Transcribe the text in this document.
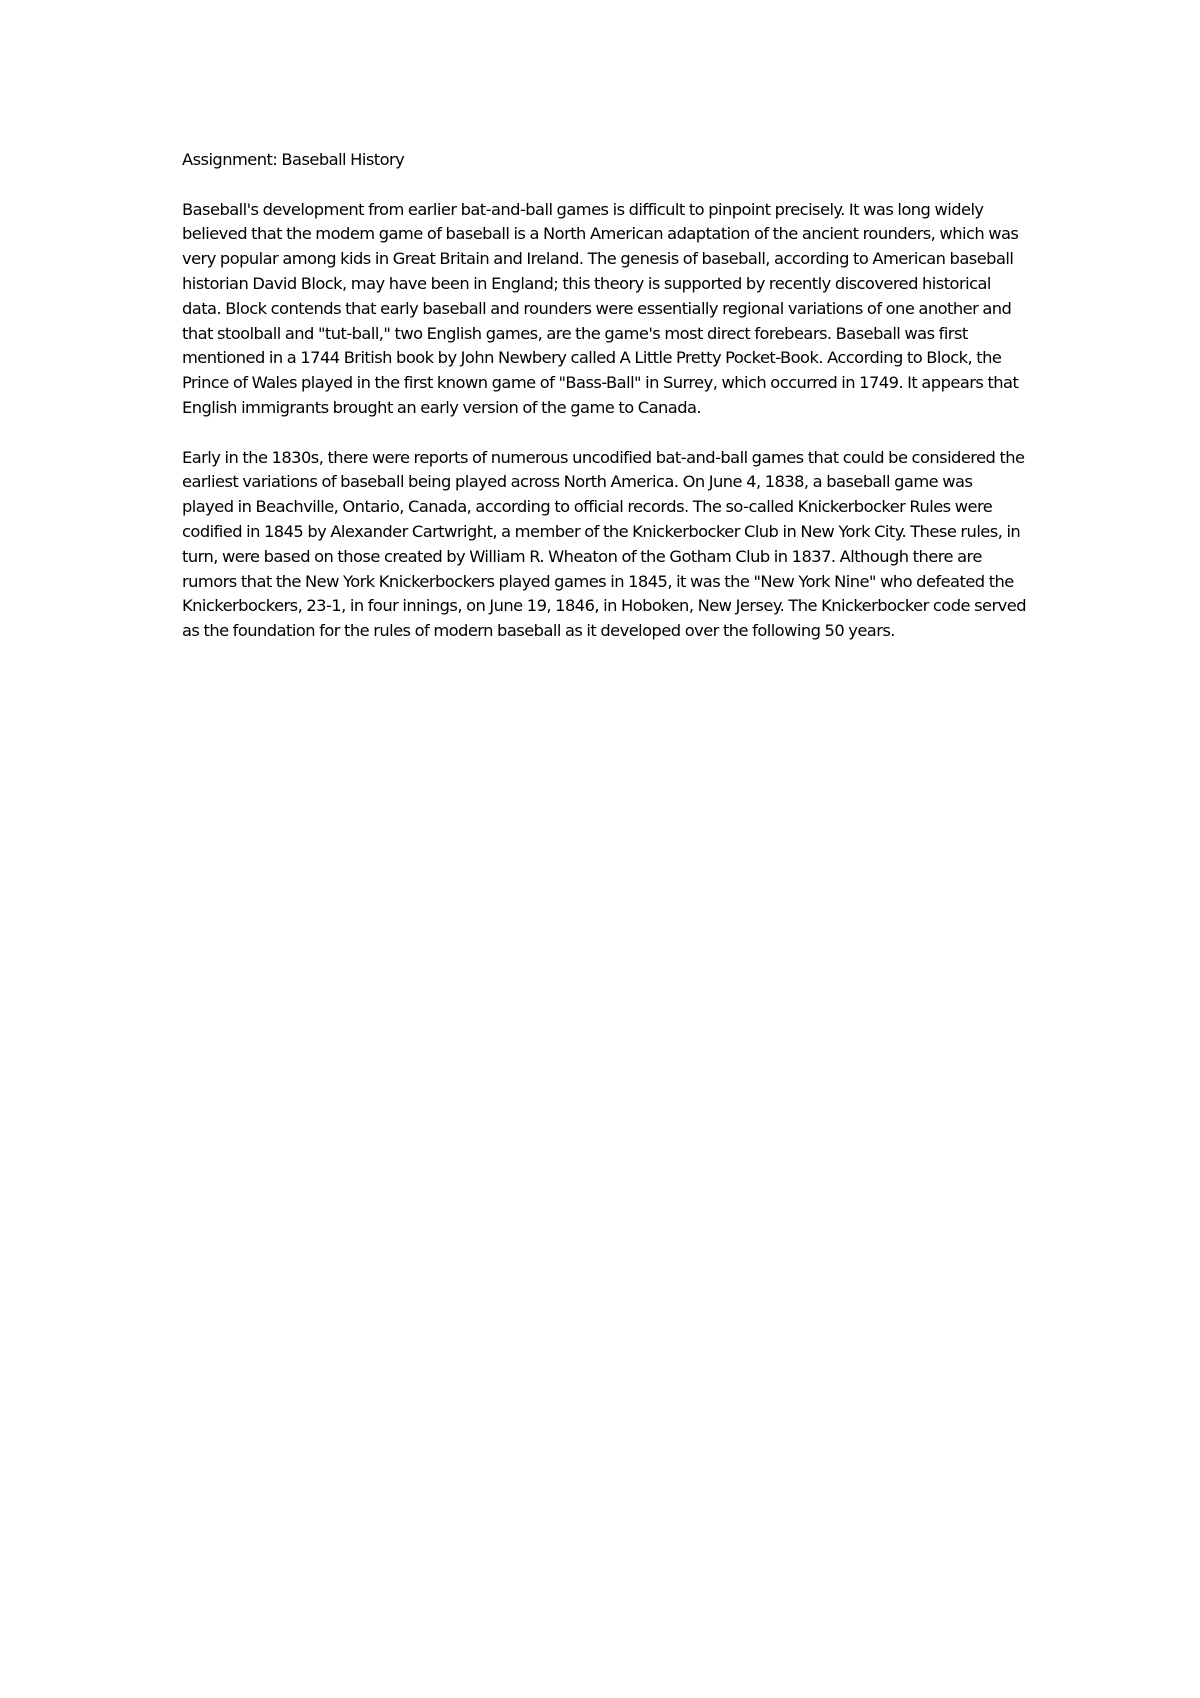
Assignment: Baseball History

Baseball's development from earlier bat-and-ball games is difficult to pinpoint precisely. It was long widely believed that the modem game of baseball is a North American adaptation of the ancient rounders, which was very popular among kids in Great Britain and Ireland. The genesis of baseball, according to American baseball historian David Block, may have been in England; this theory is supported by recently discovered historical data. Block contends that early baseball and rounders were essentially regional variations of one another and that stoolball and "tut-ball," two English games, are the game's most direct forebears. Baseball was first mentioned in a 1744 British book by John Newbery called A Little Pretty Pocket-Book. According to Block, the Prince of Wales played in the first known game of "Bass-Ball" in Surrey, which occurred in 1749. It appears that English immigrants brought an early version of the game to Canada.

Early in the 1830s, there were reports of numerous uncodified bat-and-ball games that could be considered the earliest variations of baseball being played across North America. On June 4, 1838, a baseball game was played in Beachville, Ontario, Canada, according to official records. The so-called Knickerbocker Rules were codified in 1845 by Alexander Cartwright, a member of the Knickerbocker Club in New York City. These rules, in turn, were based on those created by William R. Wheaton of the Gotham Club in 1837. Although there are rumors that the New York Knickerbockers played games in 1845, it was the "New York Nine" who defeated the Knickerbockers, 23-1, in four innings, on June 19, 1846, in Hoboken, New Jersey. The Knickerbocker code served as the foundation for the rules of modern baseball as it developed over the following 50 years.
